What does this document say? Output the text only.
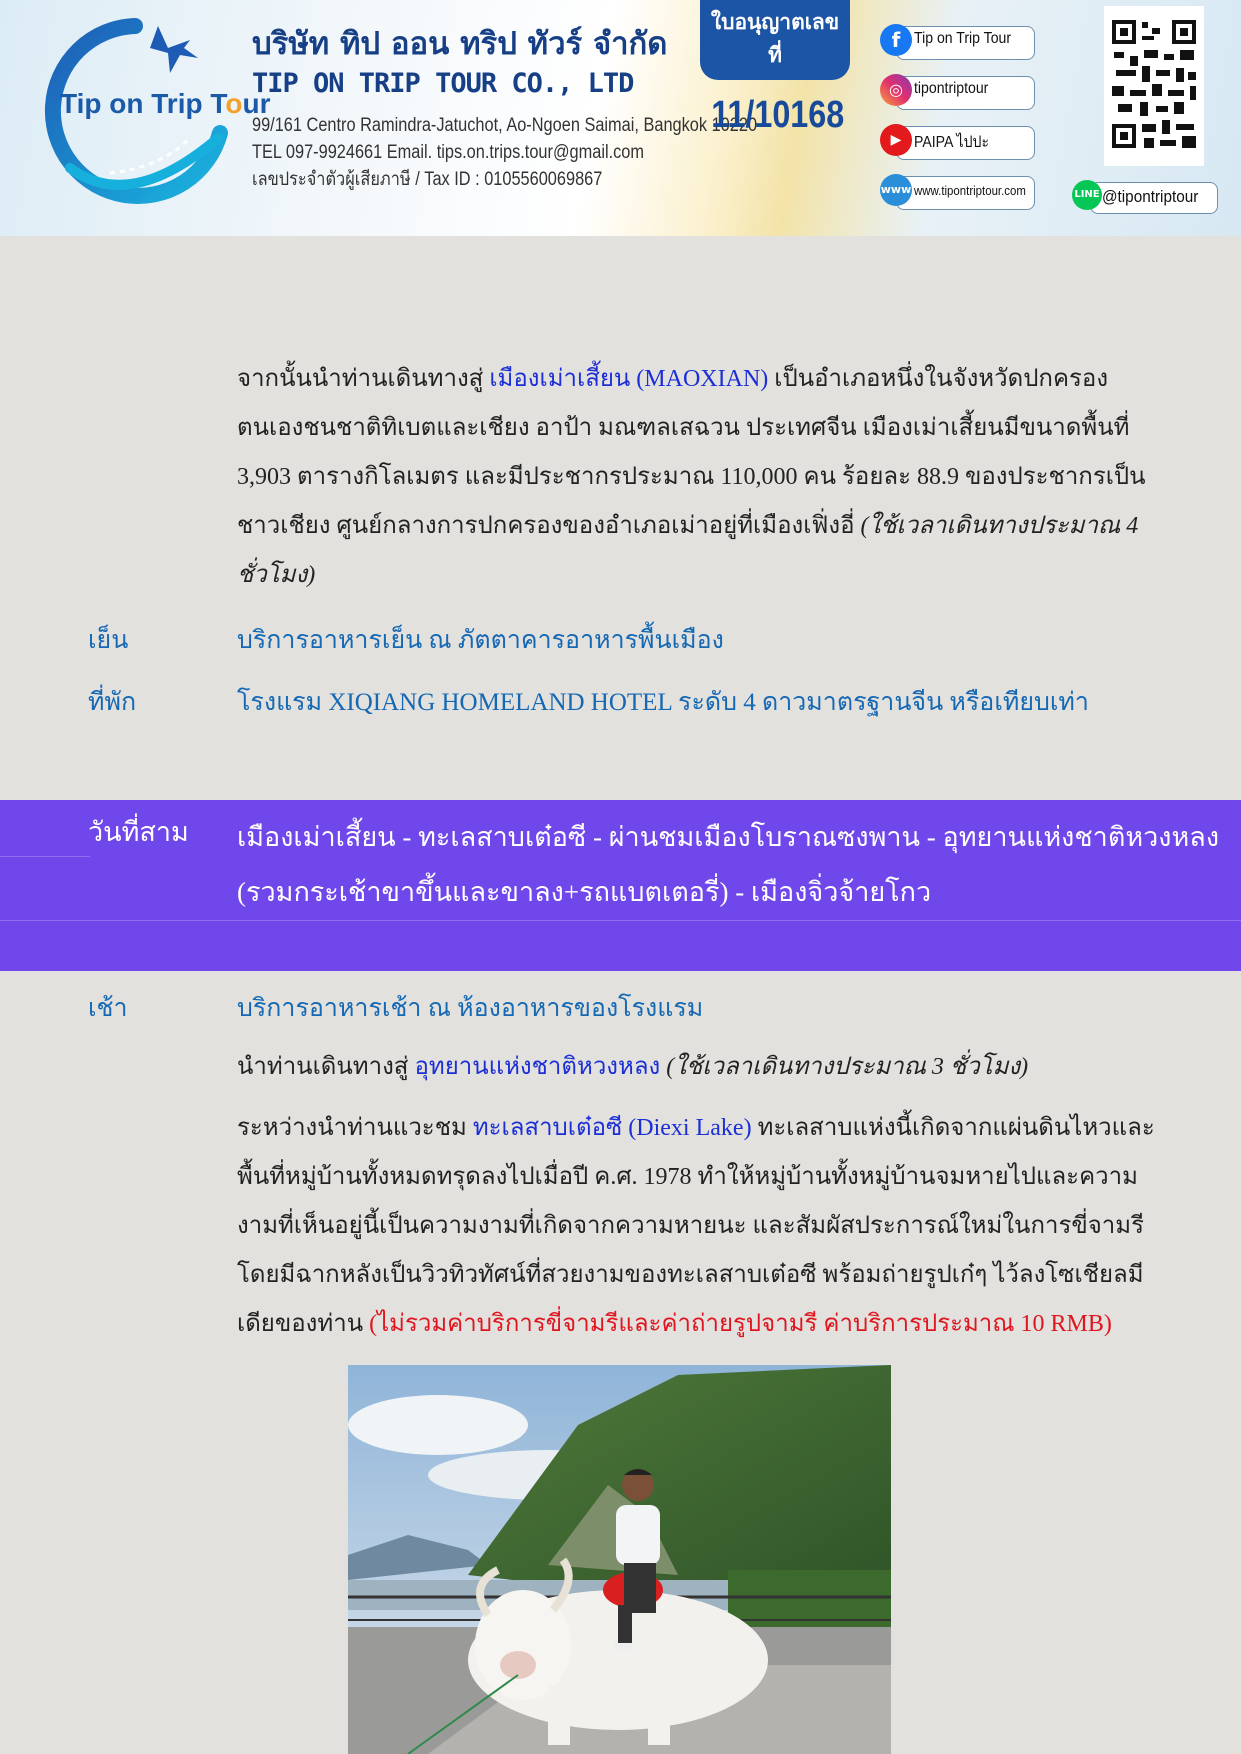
Tip on Trip Tour
บริษัท ทิป ออน ทริป ทัวร์ จำกัด
TIP ON TRIP TOUR CO., LTD
99/161 Centro Ramindra-Jatuchot, Ao-Ngoen Saimai, Bangkok 10220
TEL 097-9924661 Email. tips.on.trips.tour@gmail.com
เลขประจำตัวผู้เสียภาษี / Tax ID : 0105560069867
ใบอนุญาตเลขที่
11/10168
f Tip on Trip Tour
◎ tipontriptour
▶ PAIPA ไปปะ
www www.tipontriptour.com	LINE @tipontriptour
จากนั้นนำท่านเดินทางสู่ เมืองเม่าเสี้ยน (MAOXIAN) เป็นอำเภอหนึ่งในจังหวัดปกครองตนเองชนชาติทิเบตและเชียง อาป้า มณฑลเสฉวน ประเทศจีน เมืองเม่าเสี้ยนมีขนาดพื้นที่ 3,903 ตารางกิโลเมตร และมีประชากรประมาณ 110,000 คน ร้อยละ 88.9 ของประชากรเป็นชาวเชียง ศูนย์กลางการปกครองของอำเภอเม่าอยู่ที่เมืองเฟิ่งอี่ (ใช้เวลาเดินทางประมาณ 4 ชั่วโมง)
เย็น	บริการอาหารเย็น ณ ภัตตาคารอาหารพื้นเมือง
ที่พัก	โรงแรม XIQIANG HOMELAND HOTEL ระดับ 4 ดาวมาตรฐานจีน หรือเทียบเท่า
วันที่สาม เมืองเม่าเสี้ยน - ทะเลสาบเต๋อซี - ผ่านชมเมืองโบราณซงพาน - อุทยานแห่งชาติหวงหลง
(รวมกระเช้าขาขึ้นและขาลง+รถแบตเตอรี่) - เมืองจิ่วจ้ายโกว
เช้า	บริการอาหารเช้า ณ ห้องอาหารของโรงแรม
นำท่านเดินทางสู่ อุทยานแห่งชาติหวงหลง (ใช้เวลาเดินทางประมาณ 3 ชั่วโมง)
ระหว่างนำท่านแวะชม ทะเลสาบเต๋อซี (Diexi Lake) ทะเลสาบแห่งนี้เกิดจากแผ่นดินไหวและพื้นที่หมู่บ้านทั้งหมดทรุดลงไปเมื่อปี ค.ศ. 1978 ทำให้หมู่บ้านทั้งหมู่บ้านจมหายไปและความงามที่เห็นอยู่นี้เป็นความงามที่เกิดจากความหายนะ และสัมผัสประการณ์ใหม่ในการขี่จามรีโดยมีฉากหลังเป็นวิวทิวทัศน์ที่สวยงามของทะเลสาบเต๋อซี พร้อมถ่ายรูปเก๋ๆ ไว้ลงโซเชียลมีเดียของท่าน (ไม่รวมค่าบริการขี่จามรีและค่าถ่ายรูปจามรี ค่าบริการประมาณ 10 RMB)
